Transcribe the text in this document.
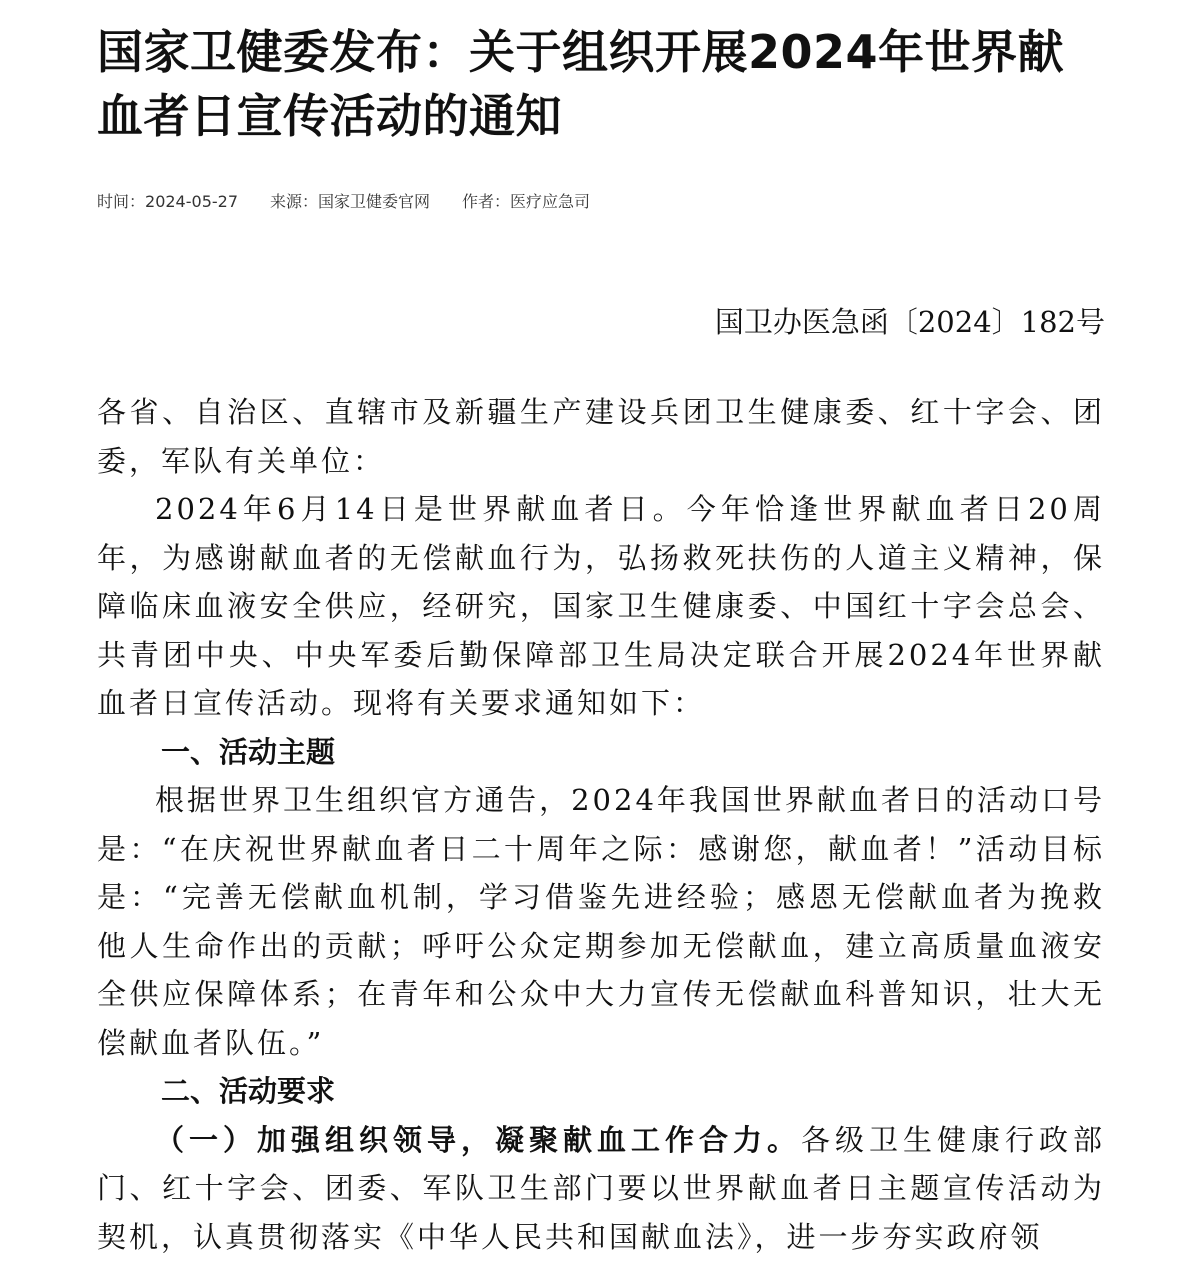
国家卫健委发布：关于组织开展2024年世界献血者日宣传活动的通知
时间：2024-05-27 来源：国家卫健委官网 作者：医疗应急司
国卫办医急函〔2024〕182号

各省、自治区、直辖市及新疆生产建设兵团卫生健康委、红十字会、团委，军队有关单位：

2024年6月14日是世界献血者日。今年恰逢世界献血者日20周年，为感谢献血者的无偿献血行为，弘扬救死扶伤的人道主义精神，保障临床血液安全供应，经研究，国家卫生健康委、中国红十字会总会、共青团中央、中央军委后勤保障部卫生局决定联合开展2024年世界献血者日宣传活动。现将有关要求通知如下：

一、活动主题

根据世界卫生组织官方通告，2024年我国世界献血者日的活动口号是：“在庆祝世界献血者日二十周年之际：感谢您，献血者！”活动目标是：“完善无偿献血机制，学习借鉴先进经验；感恩无偿献血者为挽救他人生命作出的贡献；呼吁公众定期参加无偿献血，建立高质量血液安全供应保障体系；在青年和公众中大力宣传无偿献血科普知识，壮大无偿献血者队伍。”

二、活动要求

（一）加强组织领导，凝聚献血工作合力。各级卫生健康行政部门、红十字会、团委、军队卫生部门要以世界献血者日主题宣传活动为契机，认真贯彻落实《中华人民共和国献血法》，进一步夯实政府领
